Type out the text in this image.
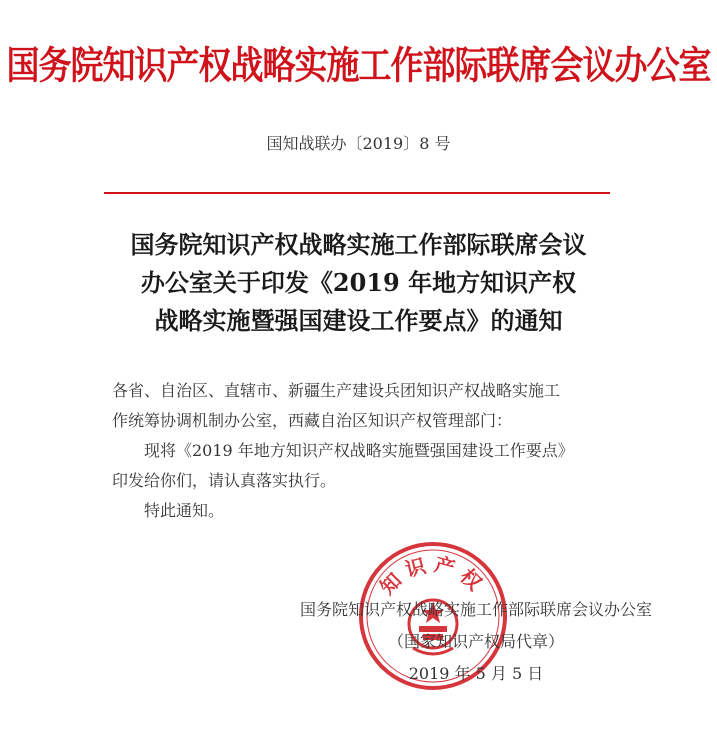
国务院知识产权战略实施工作部际联席会议办公室
国知战联办〔2019〕8 号
国务院知识产权战略实施工作部际联席会议
办公室关于印发《2019 年地方知识产权
战略实施暨强国建设工作要点》的通知

各省、自治区、直辖市、新疆生产建设兵团知识产权战略实施工

作统筹协调机制办公室，西藏自治区知识产权管理部门：

现将《2019 年地方知识产权战略实施暨强国建设工作要点》

印发给你们，请认真落实执行。

特此通知。

知识产权
国务院知识产权战略实施工作部际联席会议办公室
（国家知识产权局代章）
2019 年 5 月 5 日
